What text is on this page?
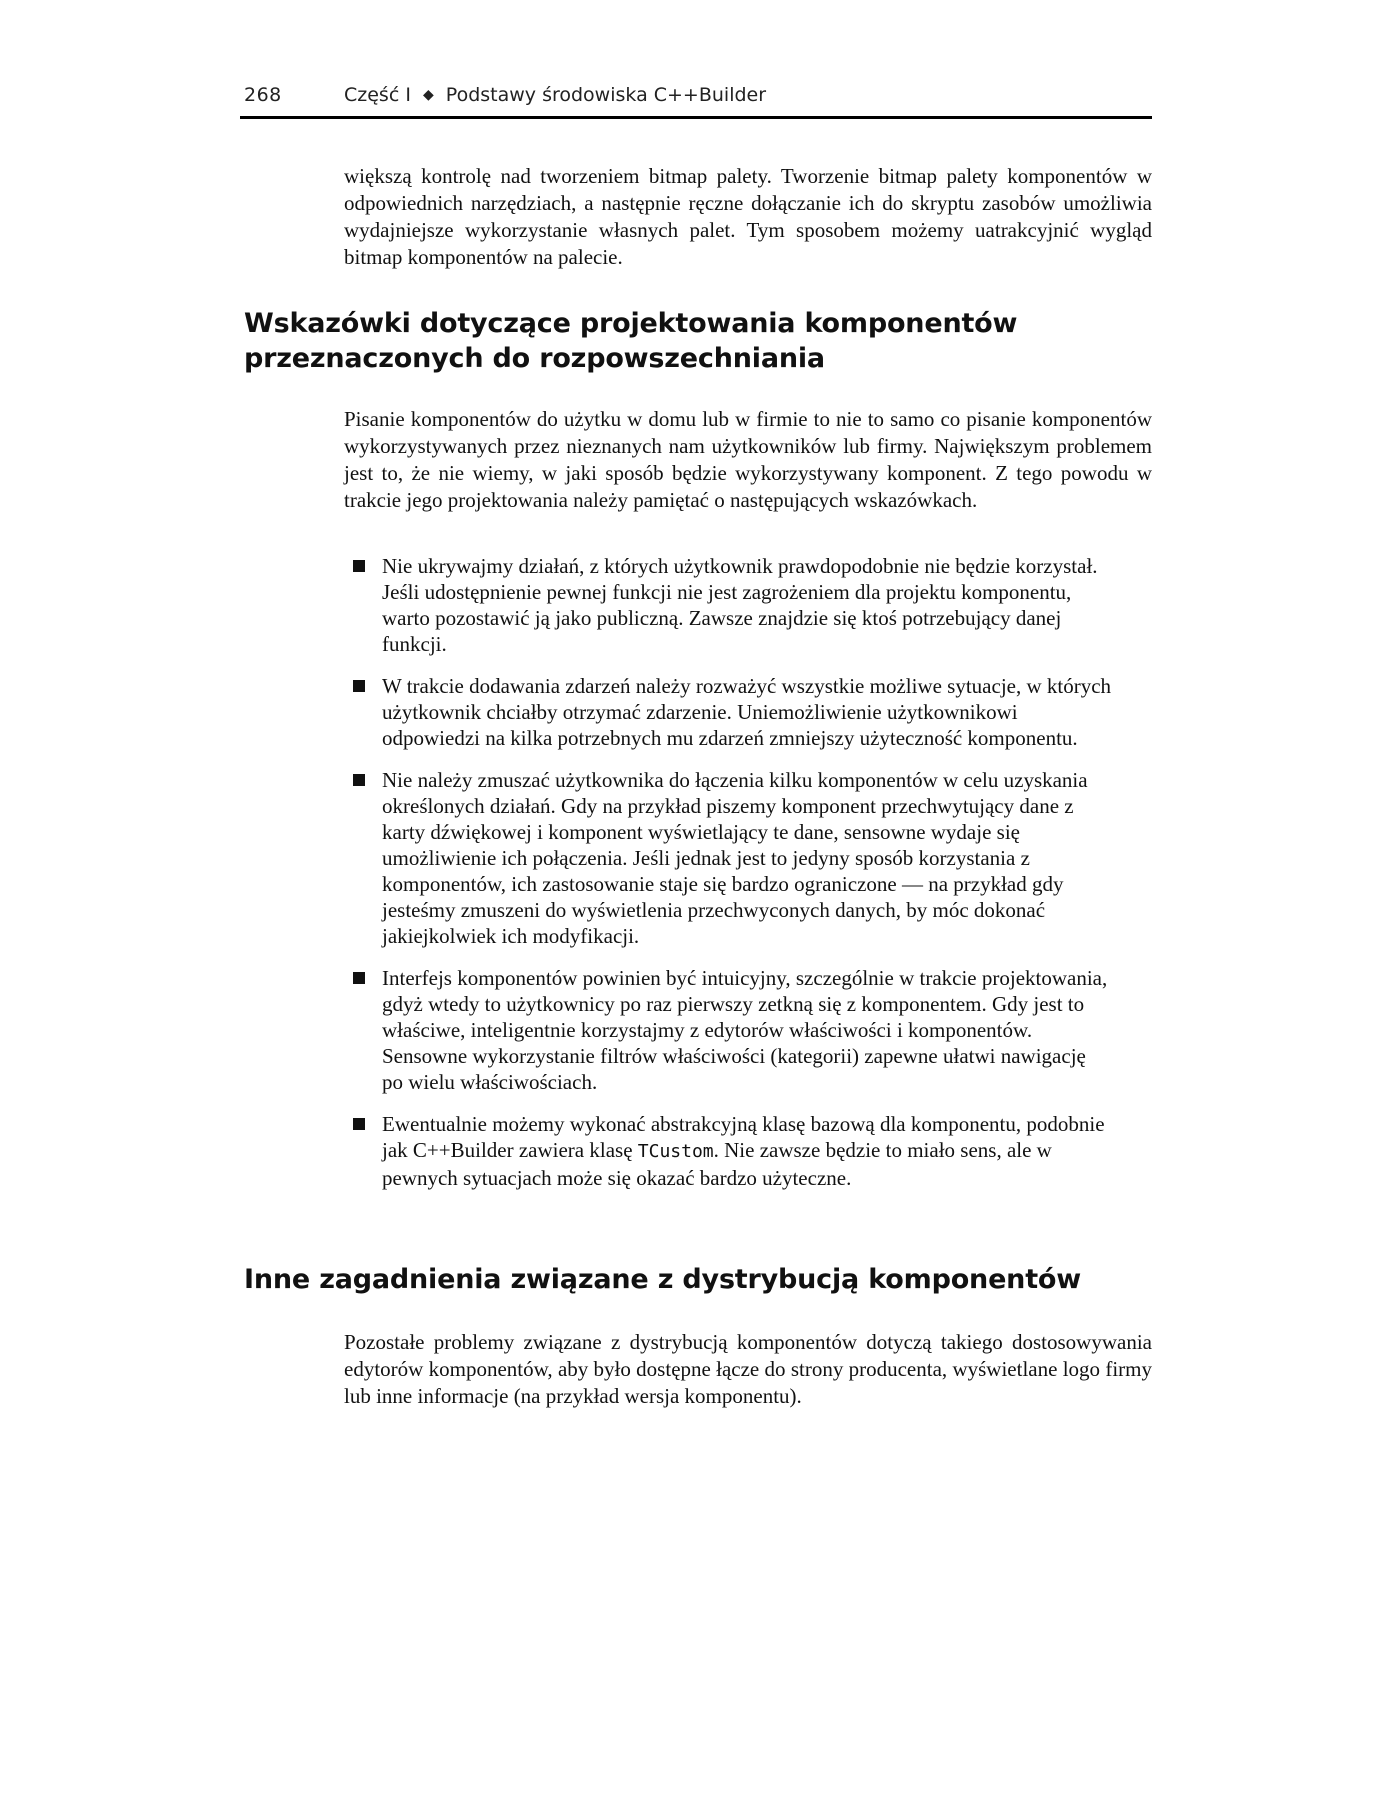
268	Część I ◆ Podstawy środowiska C++Builder

większą kontrolę nad tworzeniem bitmap palety. Tworzenie bitmap palety komponentów w odpowiednich narzędziach, a następnie ręczne dołączanie ich do skryptu zasobów umożliwia wydajniejsze wykorzystanie własnych palet. Tym sposobem możemy uatrakcyjnić wygląd bitmap komponentów na palecie.

Wskazówki dotyczące projektowania komponentów
przeznaczonych do rozpowszechniania

Pisanie komponentów do użytku w domu lub w firmie to nie to samo co pisanie komponentów wykorzystywanych przez nieznanych nam użytkowników lub firmy. Największym problemem jest to, że nie wiemy, w jaki sposób będzie wykorzystywany komponent. Z tego powodu w trakcie jego projektowania należy pamiętać o następujących wskazówkach.

Nie ukrywajmy działań, z których użytkownik prawdopodobnie nie będzie korzystał. Jeśli udostępnienie pewnej funkcji nie jest zagrożeniem dla projektu komponentu, warto pozostawić ją jako publiczną. Zawsze znajdzie się ktoś potrzebujący danej funkcji.
W trakcie dodawania zdarzeń należy rozważyć wszystkie możliwe sytuacje, w których użytkownik chciałby otrzymać zdarzenie. Uniemożliwienie użytkownikowi odpowiedzi na kilka potrzebnych mu zdarzeń zmniejszy użyteczność komponentu.
Nie należy zmuszać użytkownika do łączenia kilku komponentów w celu uzyskania określonych działań. Gdy na przykład piszemy komponent przechwytujący dane z karty dźwiękowej i komponent wyświetlający te dane, sensowne wydaje się umożliwienie ich połączenia. Jeśli jednak jest to jedyny sposób korzystania z komponentów, ich zastosowanie staje się bardzo ograniczone — na przykład gdy jesteśmy zmuszeni do wyświetlenia przechwyconych danych, by móc dokonać jakiejkolwiek ich modyfikacji.
Interfejs komponentów powinien być intuicyjny, szczególnie w trakcie projektowania, gdyż wtedy to użytkownicy po raz pierwszy zetkną się z komponentem. Gdy jest to właściwe, inteligentnie korzystajmy z edytorów właściwości i komponentów. Sensowne wykorzystanie filtrów właściwości (kategorii) zapewne ułatwi nawigację po wielu właściwościach.
Ewentualnie możemy wykonać abstrakcyjną klasę bazową dla komponentu, podobnie jak C++Builder zawiera klasę TCustom. Nie zawsze będzie to miało sens, ale w pewnych sytuacjach może się okazać bardzo użyteczne.
Inne zagadnienia związane z dystrybucją komponentów

Pozostałe problemy związane z dystrybucją komponentów dotyczą takiego dostosowywania edytorów komponentów, aby było dostępne łącze do strony producenta, wyświetlane logo firmy lub inne informacje (na przykład wersja komponentu).
